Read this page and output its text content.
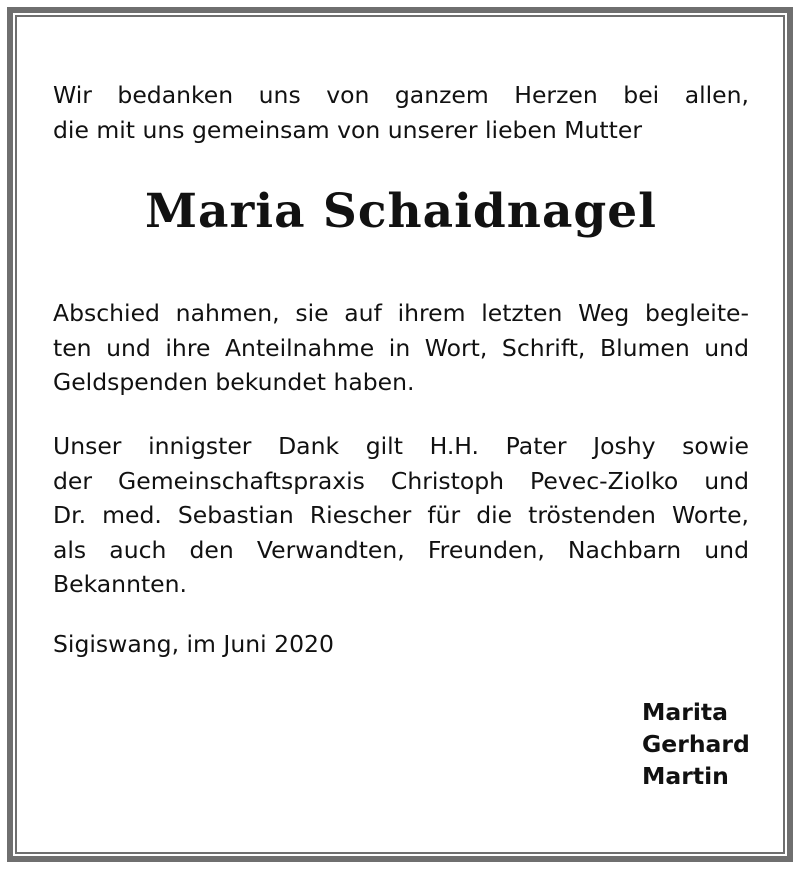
Wir bedanken uns von ganzem Herzen bei allen,
die mit uns gemeinsam von unserer lieben Mutter
Maria Schaidnagel
Abschied nahmen, sie auf ihrem letzten Weg begleite-
ten und ihre Anteilnahme in Wort, Schrift, Blumen und
Geldspenden bekundet haben.
Unser innigster Dank gilt H.H. Pater Joshy sowie
der Gemeinschaftspraxis Christoph Pevec-Ziolko und
Dr. med. Sebastian Riescher für die tröstenden Worte,
als auch den Verwandten, Freunden, Nachbarn und
Bekannten.

Sigiswang, im Juni 2020

Marita
Gerhard
Martin
